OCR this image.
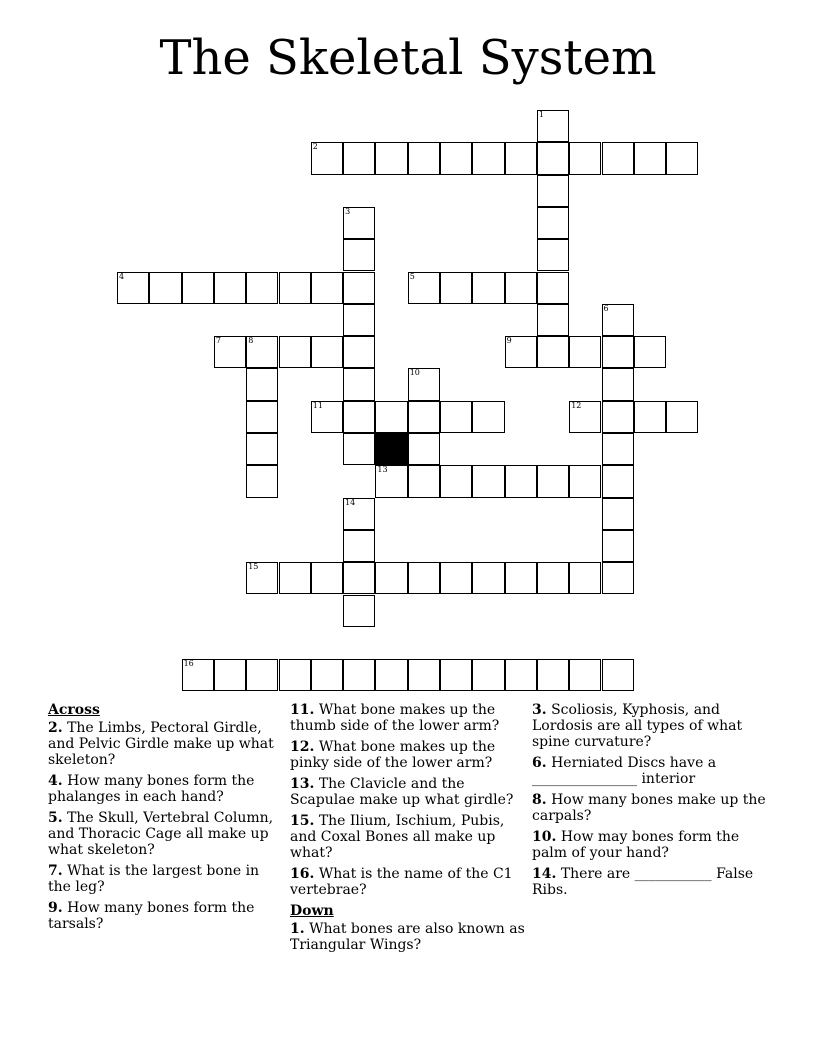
The Skeletal System
1
2
3
4	5
6
7	8	9
10
11	12
13
14
15
16
Across
2. The Limbs, Pectoral Girdle, and Pelvic Girdle make up what skeleton?
4. How many bones form the phalanges in each hand?
5. The Skull, Vertebral Column, and Thoracic Cage all make up what skeleton?
7. What is the largest bone in the leg?
9. How many bones form the tarsals?
11. What bone makes up the thumb side of the lower arm?
12. What bone makes up the pinky side of the lower arm?
13. The Clavicle and the Scapulae make up what girdle?
15. The Ilium, Ischium, Pubis, and Coxal Bones all make up what?
16. What is the name of the C1 vertebrae?
Down
1. What bones are also known as Triangular Wings?
3. Scoliosis, Kyphosis, and Lordosis are all types of what spine curvature?
6. Herniated Discs have a _______________ interior
8. How many bones make up the carpals?
10. How may bones form the palm of your hand?
14. There are ___________ False Ribs.
